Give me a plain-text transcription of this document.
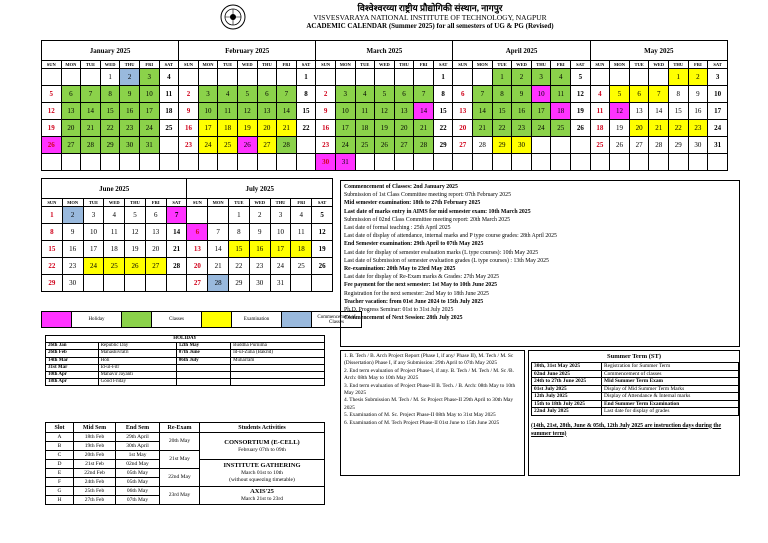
विश्वेश्वरय्या राष्ट्रीय प्रौद्योगिकी संस्थान, नागपुर
VISVESVARAYA NATIONAL INSTITUTE OF TECHNOLOGY, NAGPUR
ACADEMIC CALENDAR (Summer 2025) for all semesters of UG & PG (Revised)
January 2025							February 2025							March 2025							April 2025							May 2025						
SUN	MON	TUE	WED	THU	FRI	SAT	SUN	MON	TUE	WED	THU	FRI	SAT	SUN	MON	TUE	WED	THU	FRI	SAT	SUN	MON	TUE	WED	THU	FRI	SAT	SUN	MON	TUE	WED	THU	FRI	SAT
			1	2	3	4							1							1			1	2	3	4	5					1	2	3
5	6	7	8	9	10	11	2	3	4	5	6	7	8	2	3	4	5	6	7	8	6	7	8	9	10	11	12	4	5	6	7	8	9	10
12	13	14	15	16	17	18	9	10	11	12	13	14	15	9	10	11	12	13	14	15	13	14	15	16	17	18	19	11	12	13	14	15	16	17
19	20	21	22	23	24	25	16	17	18	19	20	21	22	16	17	18	19	20	21	22	20	21	22	23	24	25	26	18	19	20	21	22	23	24
26	27	28	29	30	31		23	24	25	26	27	28		23	24	25	26	27	28	29	27	28	29	30				25	26	27	28	29	30	31
														30	31																			
June 2025							July 2025						
SUN	MON	TUE	WED	THU	FRI	SAT	SUN	MON	TUE	WED	THU	FRI	SAT
1	2	3	4	5	6	7			1	2	3	4	5
8	9	10	11	12	13	14	6	7	8	9	10	11	12
15	16	17	18	19	20	21	13	14	15	16	17	18	19
22	23	24	25	26	27	28	20	21	22	23	24	25	26
29	30						27	28	29	30	31		
	Holiday		Classes		Examination		Commencement of Classes
HOLIDAY			
26th Jan	Republic Day	12th May	Buddha Purnima
26th Feb	Mahashivratri	07th June	Id-ul-Zuha (Bakrid)
14th Mar	Holi	06th July	Muharram
31st Mar	Id-ul-Fitr		
10th Apr	Mahavir Jayanti		
18th Apr	Good Friday		
Slot	Mid Sem	End Sem	Re-Exam	Students Activities
A	18th Feb	29th April	20th May	CONSORTIUM (E-CELL)
February 07th to 09th
B	19th Feb	30th April		
C	20th Feb	1st May	21st May	
D	21st Feb	02nd May		INSTITUTE GATHERING
March 01st to 10th
(without squeezing timetable)
E	22nd Feb	05th May	22nd May	
F	24th Feb	05th May		
G	25th Feb	06th May	23rd May	AXIS'25
March 21st to 23rd
H	27th Feb	07th May		
Commencement of Classes: 2nd January 2025
Submission of 1st Class Committee meeting report: 07th February 2025
Mid semester examination: 18th to 27th February 2025
Last date of marks entry in AIMS for mid semester exam: 10th March 2025
Submission of 02nd Class Committee meeting report: 20th March 2025
Last date of formal teaching : 25th April 2025
Last date of display of attendance, internal marks and P type course grades: 28th April 2025
End Semester examination: 29th April to 07th May 2025
Last date for display of semester evaluation marks (L type courses): 10th May 2025
Last date of Submission of semester evaluation grades (L type courses) : 13th May 2025
Re-examination: 20th May to 23rd May 2025
Last date for display of Re-Exam marks & Grades: 27th May 2025
Fee payment for the next semester: 1st May to 10th June 2025
Registration for the next semester: 2nd May to 18th June 2025
Teacher vacation: from 01st June 2024 to 15th July 2025
Ph.D. Progress Seminar: 01st to 31st July 2025
Commencement of Next Session: 28th July 2025
1. B. Tech / B. Arch Project Report (Phase I, if any/ Phase II), M. Tech / M. Sc (Dissertation) Phase I, if any Submission: 29th April to 07th May 2025
2. End term evaluation of Project Phase-I, if any. B. Tech / M. Tech / M. Sc /B. Arch: 08th May to 10th May 2025
3. End term evaluation of Project Phase-II B. Tech. / B. Arch: 08th May to 10th May 2025
4. Thesis Submission M. Tech / M. Sc Project Phase-II 29th April to 30th May 2025
5. Examination of M. Sc. Project Phase-II 08th May to 31st May 2025
6. Examination of M. Tech Project Phase-II 01st June to 15th June 2025
Summer Term (ST)
30th, 31st May 2025	Registration for Summer Term
02nd June 2025	Commencement of classes
24th to 27th June 2025	Mid Summer Term Exam
01st July 2025	Display of Mid Summer Term Marks
12th July 2025	Display of Attendance & Internal marks
15th to 18th July 2025	End Summer Term Examination
22nd July 2025	Last date for display of grades
(14th, 21st, 28th, June & 05th, 12th July 2025 are instruction days during the summer term)
